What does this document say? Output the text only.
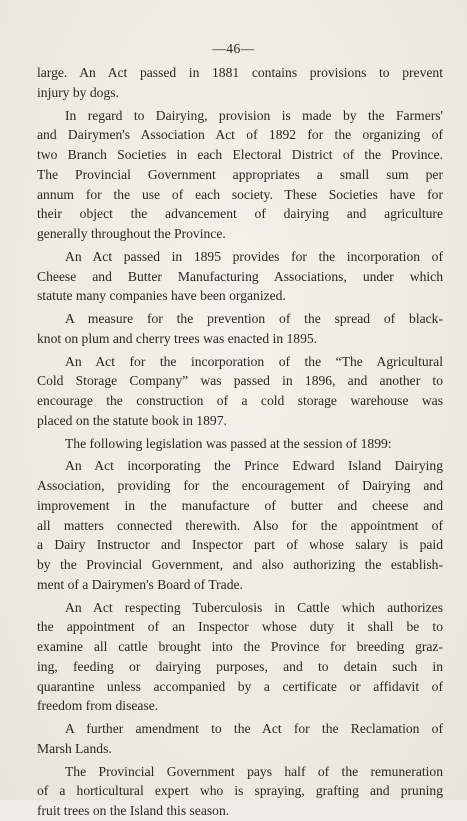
—46—
large. An Act passed in 1881 contains provisions to prevent
injury by dogs.
In regard to Dairying, provision is made by the Farmers'
and Dairymen's Association Act of 1892 for the organizing of
two Branch Societies in each Electoral District of the Province.
The Provincial Government appropriates a small sum per
annum for the use of each society. These Societies have for
their object the advancement of dairying and agriculture
generally throughout the Province.
An Act passed in 1895 provides for the incorporation of
Cheese and Butter Manufacturing Associations, under which
statute many companies have been organized.
A measure for the prevention of the spread of black-
knot on plum and cherry trees was enacted in 1895.
An Act for the incorporation of the “The Agricultural
Cold Storage Company” was passed in 1896, and another to
encourage the construction of a cold storage warehouse was
placed on the statute book in 1897.
The following legislation was passed at the session of 1899:
An Act incorporating the Prince Edward Island Dairying
Association, providing for the encouragement of Dairying and
improvement in the manufacture of butter and cheese and
all matters connected therewith. Also for the appointment of
a Dairy Instructor and Inspector part of whose salary is paid
by the Provincial Government, and also authorizing the establish-
ment of a Dairymen's Board of Trade.
An Act respecting Tuberculosis in Cattle which authorizes
the appointment of an Inspector whose duty it shall be to
examine all cattle brought into the Province for breeding graz-
ing, feeding or dairying purposes, and to detain such in
quarantine unless accompanied by a certificate or affidavit of
freedom from disease.
A further amendment to the Act for the Reclamation of
Marsh Lands.
The Provincial Government pays half of the remuneration
of a horticultural expert who is spraying, grafting and pruning
fruit trees on the Island this season.
